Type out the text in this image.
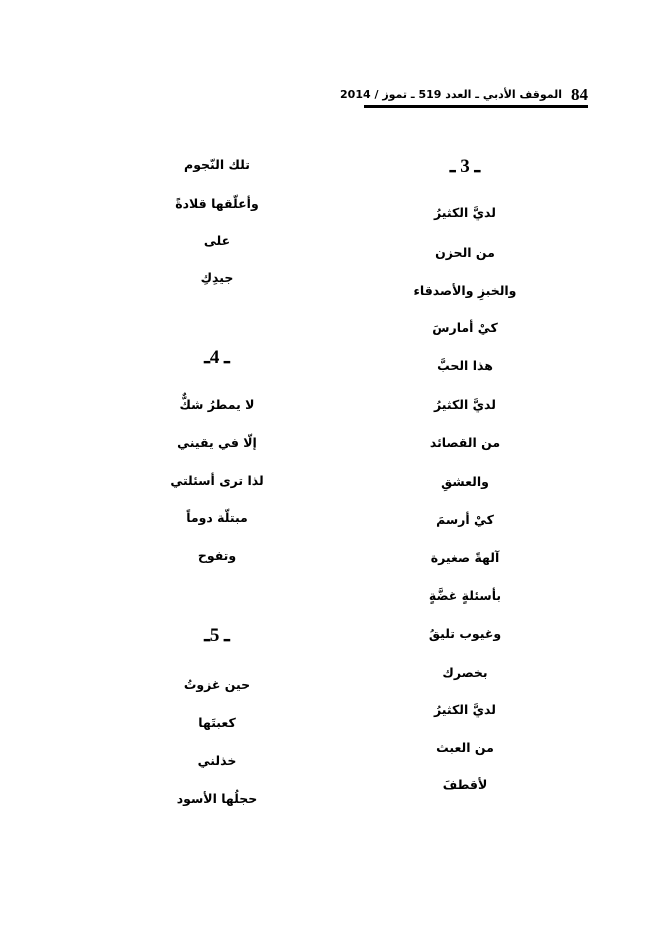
84
الموقف الأدبي ـ العدد 519 ـ تموز / 2014
ـ 3 ـ
لديَّ الكثيرُ
من الحزن
والخبزِ والأصدقاء
كيْ أمارسَ
هذا الحبَّ
لديَّ الكثيرُ
من القصائد
والعشقِ
كيْ أرسمَ
آلهةً صغيرة
بأسئلةٍ غضَّةٍ
وغيوب تليقُ
بخصرك
لديَّ الكثيرُ
من العبث
لأقطفَ
تلك النّجوم
وأعلّقها قلادةً
على
جيدِكِ
ـ 4ـ
لا يمطرُ شكٌّ
إلّا في يقيني
لذا ترى أسئلتي
مبتلّة دوماً
وتفوح
ـ 5ـ
حين غزوتُ
كعبتَها
خذلني
حجلُها الأسود
